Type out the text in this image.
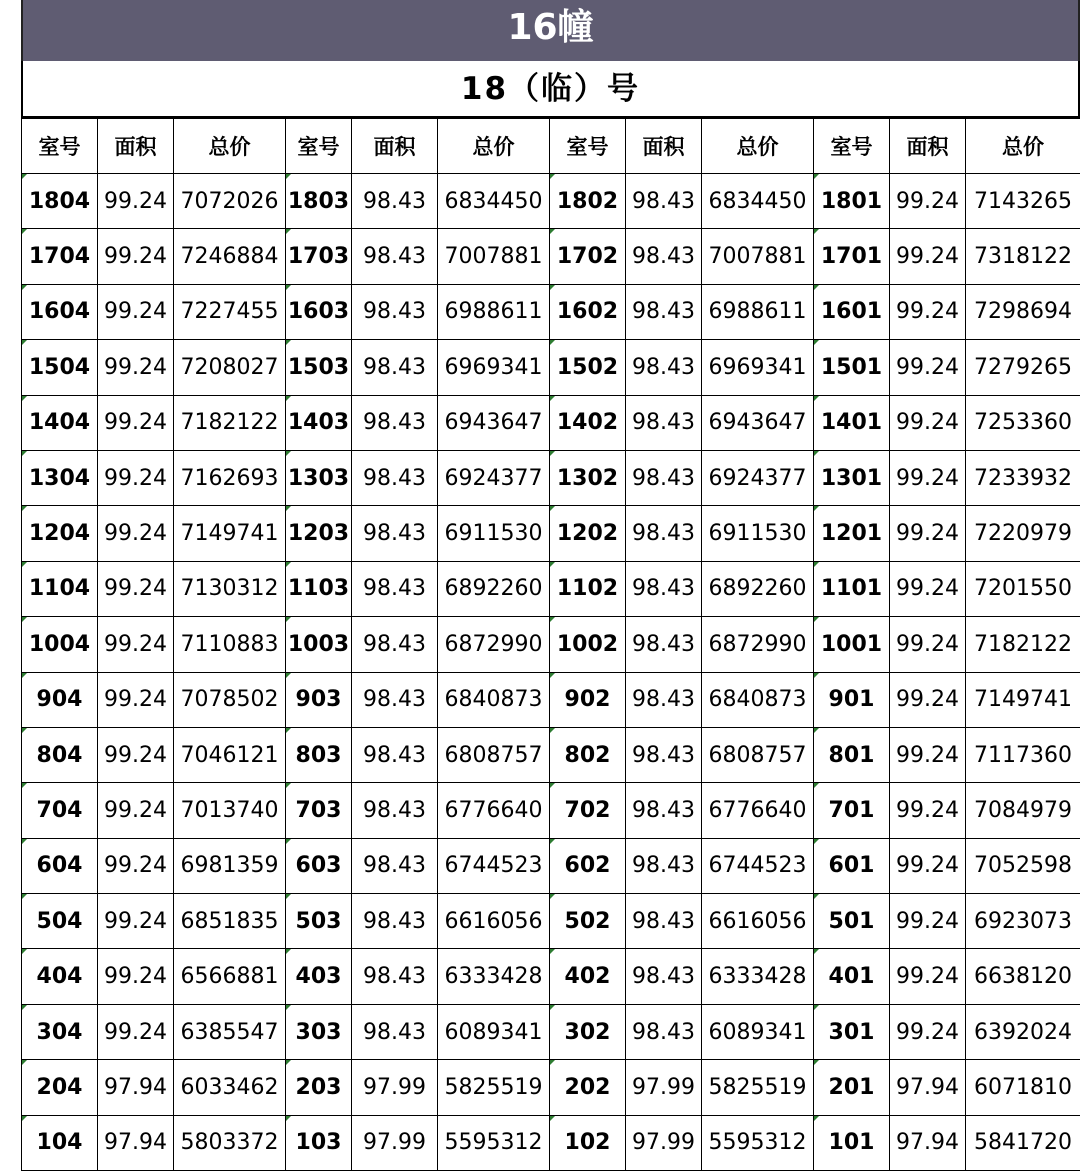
16幢
18（临）号
室号	面积	总价	室号	面积	总价	室号	面积	总价	室号	面积	总价
1804	99.24	7072026	1803	98.43	6834450	1802	98.43	6834450	1801	99.24	7143265
1704	99.24	7246884	1703	98.43	7007881	1702	98.43	7007881	1701	99.24	7318122
1604	99.24	7227455	1603	98.43	6988611	1602	98.43	6988611	1601	99.24	7298694
1504	99.24	7208027	1503	98.43	6969341	1502	98.43	6969341	1501	99.24	7279265
1404	99.24	7182122	1403	98.43	6943647	1402	98.43	6943647	1401	99.24	7253360
1304	99.24	7162693	1303	98.43	6924377	1302	98.43	6924377	1301	99.24	7233932
1204	99.24	7149741	1203	98.43	6911530	1202	98.43	6911530	1201	99.24	7220979
1104	99.24	7130312	1103	98.43	6892260	1102	98.43	6892260	1101	99.24	7201550
1004	99.24	7110883	1003	98.43	6872990	1002	98.43	6872990	1001	99.24	7182122
904	99.24	7078502	903	98.43	6840873	902	98.43	6840873	901	99.24	7149741
804	99.24	7046121	803	98.43	6808757	802	98.43	6808757	801	99.24	7117360
704	99.24	7013740	703	98.43	6776640	702	98.43	6776640	701	99.24	7084979
604	99.24	6981359	603	98.43	6744523	602	98.43	6744523	601	99.24	7052598
504	99.24	6851835	503	98.43	6616056	502	98.43	6616056	501	99.24	6923073
404	99.24	6566881	403	98.43	6333428	402	98.43	6333428	401	99.24	6638120
304	99.24	6385547	303	98.43	6089341	302	98.43	6089341	301	99.24	6392024
204	97.94	6033462	203	97.99	5825519	202	97.99	5825519	201	97.94	6071810
104	97.94	5803372	103	97.99	5595312	102	97.99	5595312	101	97.94	5841720
